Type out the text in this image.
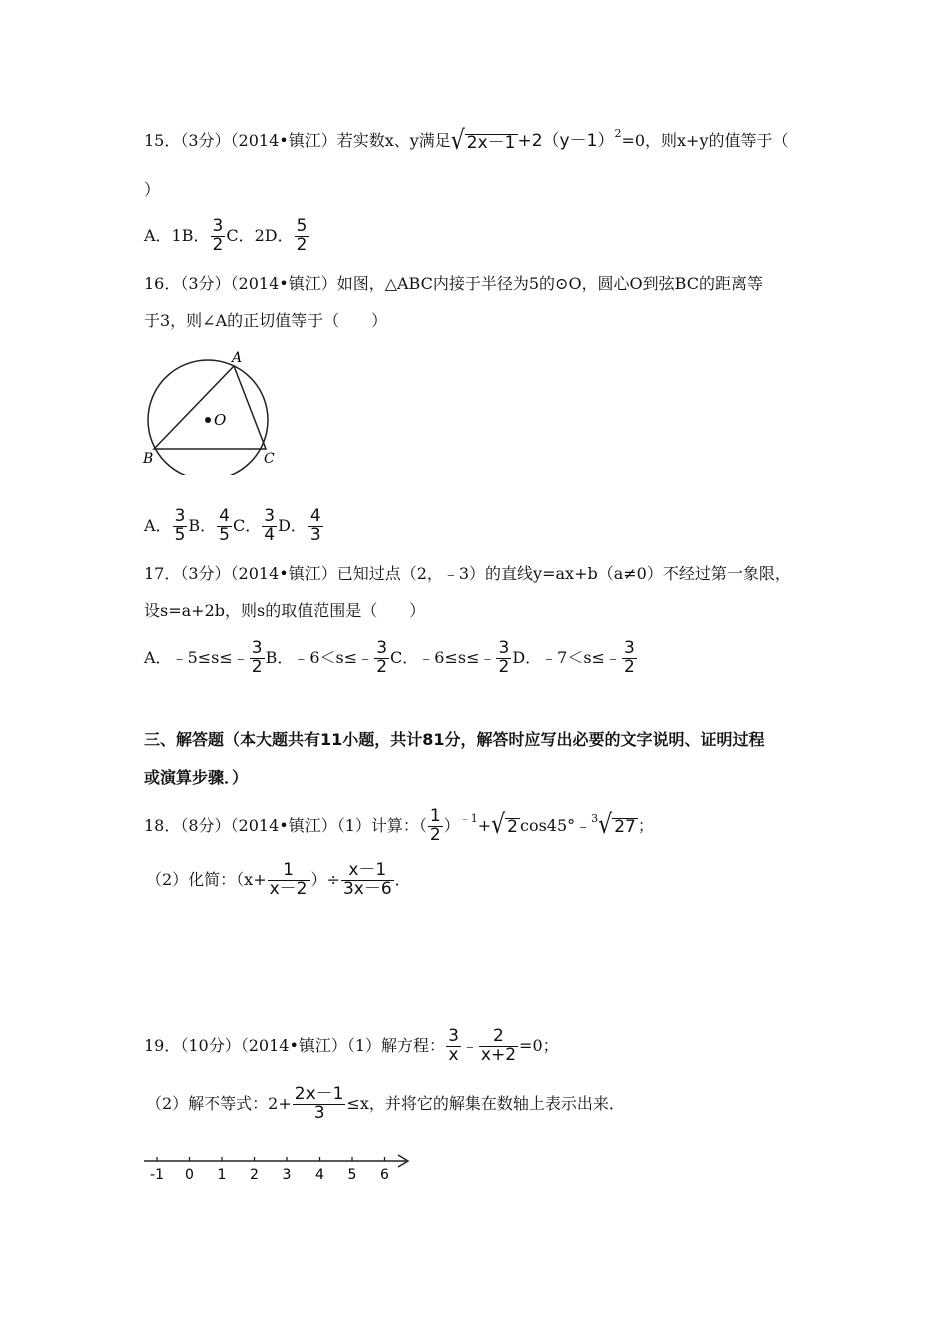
15．（3分）（2014•镇江）若实数x、y满足√ $2x-1 +2(y-1)^2=0$，则x+y的值等于（
）
A．1B． $\frac{3}{2}$ C．2D． $\frac{5}{2}$
16．（3分）（2014•镇江）如图，△ABC内接于半径为5的⊙O，圆心O到弦BC的距离等
于3，则∠A的正切值等于（　　）
O
A
B	C
A． $\frac{3}{5}$ B． $\frac{4}{5}$ C． $\frac{3}{4}$ D． $\frac{4}{3}$
17．（3分）（2014•镇江）已知过点（2，﹣3）的直线y=ax+b（a≠0）不经过第一象限，
设s=a+2b，则s的取值范围是（　　）
A．﹣5≤s≤﹣ $\frac{3}{2}$ B．﹣6＜s≤﹣ $\frac{3}{2}$ C．﹣6≤s≤﹣ $\frac{3}{2}$ D．﹣7＜s≤﹣ $\frac{3}{2}$
三、解答题（本大题共有11小题，共计81分，解答时应写出必要的文字说明、证明过程
或演算步骤．）
18．（8分）（2014•镇江）（1）计算：（ $\frac{1}{2} )^{﹣1}+√$ 2 cos45°﹣$^3$√ 27 ；
（2）化简：（$x+ \frac{1}{x-2}$ ）÷ $\frac{x-1}{3x-6}$ ．
19．（10分）（2014•镇江）（1）解方程： $\frac{3}{x}$ ﹣ $\frac{2}{x+2} =0$；
（2）解不等式：$2+ \frac{2x-1}{3} \le x$，并将它的解集在数轴上表示出来．
-1 0 1 2 3 4 5 6
